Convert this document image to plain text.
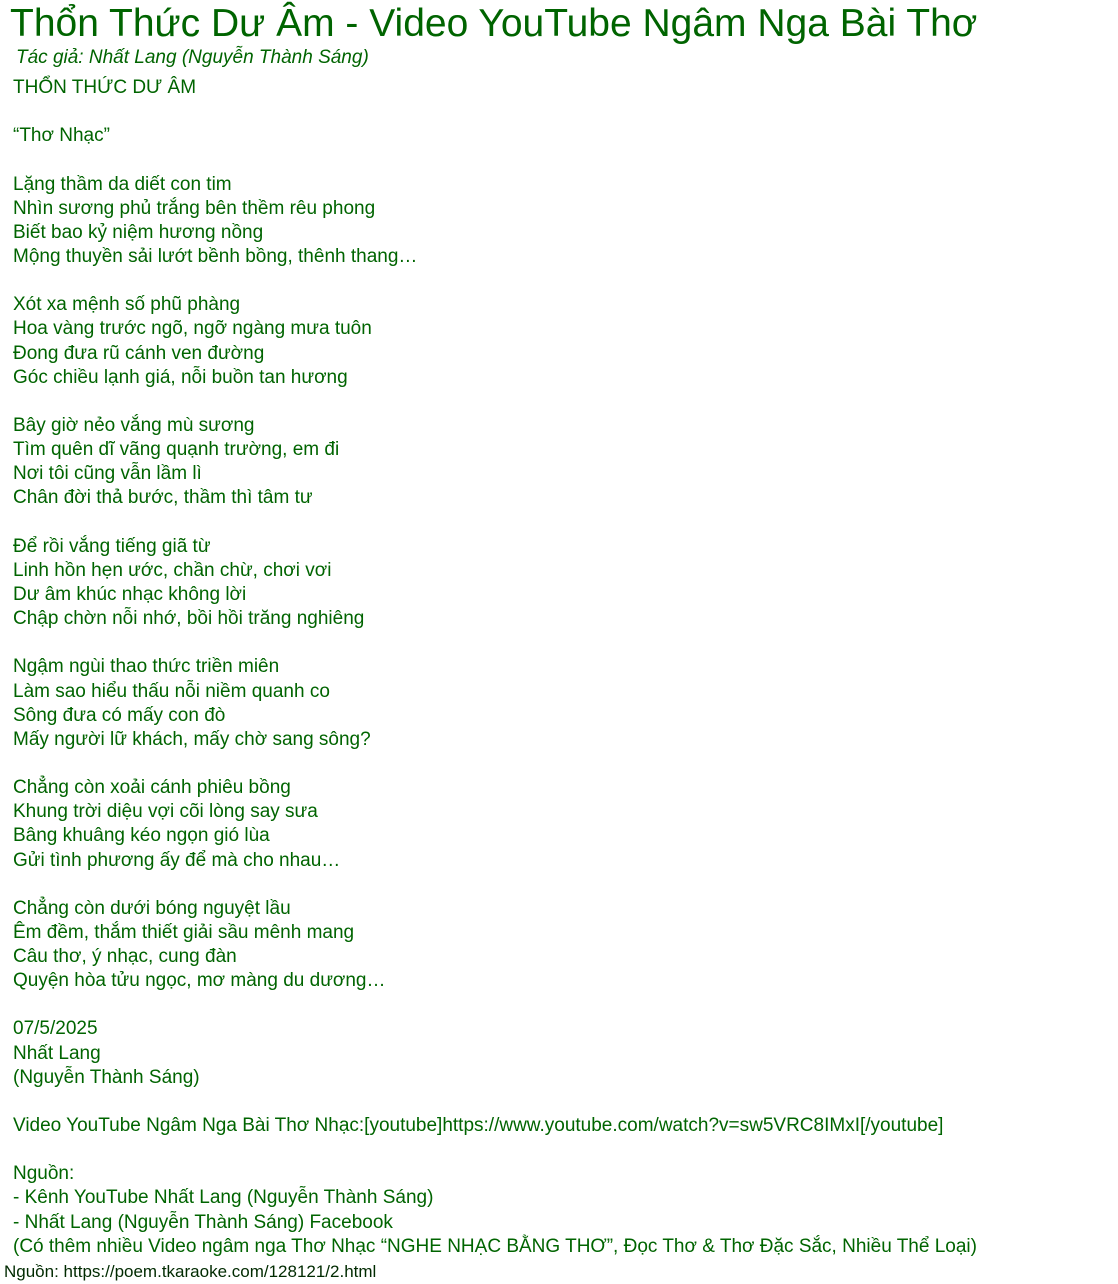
Thổn Thức Dư Âm - Video YouTube Ngâm Nga Bài Thơ
Tác giả: Nhất Lang (Nguyễn Thành Sáng)
THỔN THỨC DƯ ÂM
“Thơ Nhạc”
Lặng thầm da diết con tim
Nhìn sương phủ trắng bên thềm rêu phong
Biết bao kỷ niệm hương nồng
Mộng thuyền sải lướt bềnh bồng, thênh thang…
Xót xa mệnh số phũ phàng
Hoa vàng trước ngõ, ngỡ ngàng mưa tuôn
Đong đưa rũ cánh ven đường
Góc chiều lạnh giá, nỗi buồn tan hương
Bây giờ nẻo vắng mù sương
Tìm quên dĩ vãng quạnh trường, em đi
Nơi tôi cũng vẫn lầm lì
Chân đời thả bước, thầm thì tâm tư
Để rồi vắng tiếng giã từ
Linh hồn hẹn ước, chần chừ, chơi vơi
Dư âm khúc nhạc không lời
Chập chờn nỗi nhớ, bồi hồi trăng nghiêng
Ngậm ngùi thao thức triền miên
Làm sao hiểu thấu nỗi niềm quanh co
Sông đưa có mấy con đò
Mấy người lữ khách, mấy chờ sang sông?
Chẳng còn xoải cánh phiêu bồng
Khung trời diệu vợi cõi lòng say sưa
Bâng khuâng kéo ngọn gió lùa
Gửi tình phương ấy để mà cho nhau…
Chẳng còn dưới bóng nguyệt lầu
Êm đềm, thắm thiết giải sầu mênh mang
Câu thơ, ý nhạc, cung đàn
Quyện hòa tửu ngọc, mơ màng du dương…
07/5/2025
Nhất Lang
(Nguyễn Thành Sáng)
Video YouTube Ngâm Nga Bài Thơ Nhạc:[youtube]https://www.youtube.com/watch?v=sw5VRC8IMxI[/youtube]
Nguồn:
- Kênh YouTube Nhất Lang (Nguyễn Thành Sáng)
- Nhất Lang (Nguyễn Thành Sáng) Facebook
(Có thêm nhiều Video ngâm nga Thơ Nhạc “NGHE NHẠC BẰNG THƠ”, Đọc Thơ & Thơ Đặc Sắc, Nhiều Thể Loại)
Nguồn: https://poem.tkaraoke.com/128121/2.html
